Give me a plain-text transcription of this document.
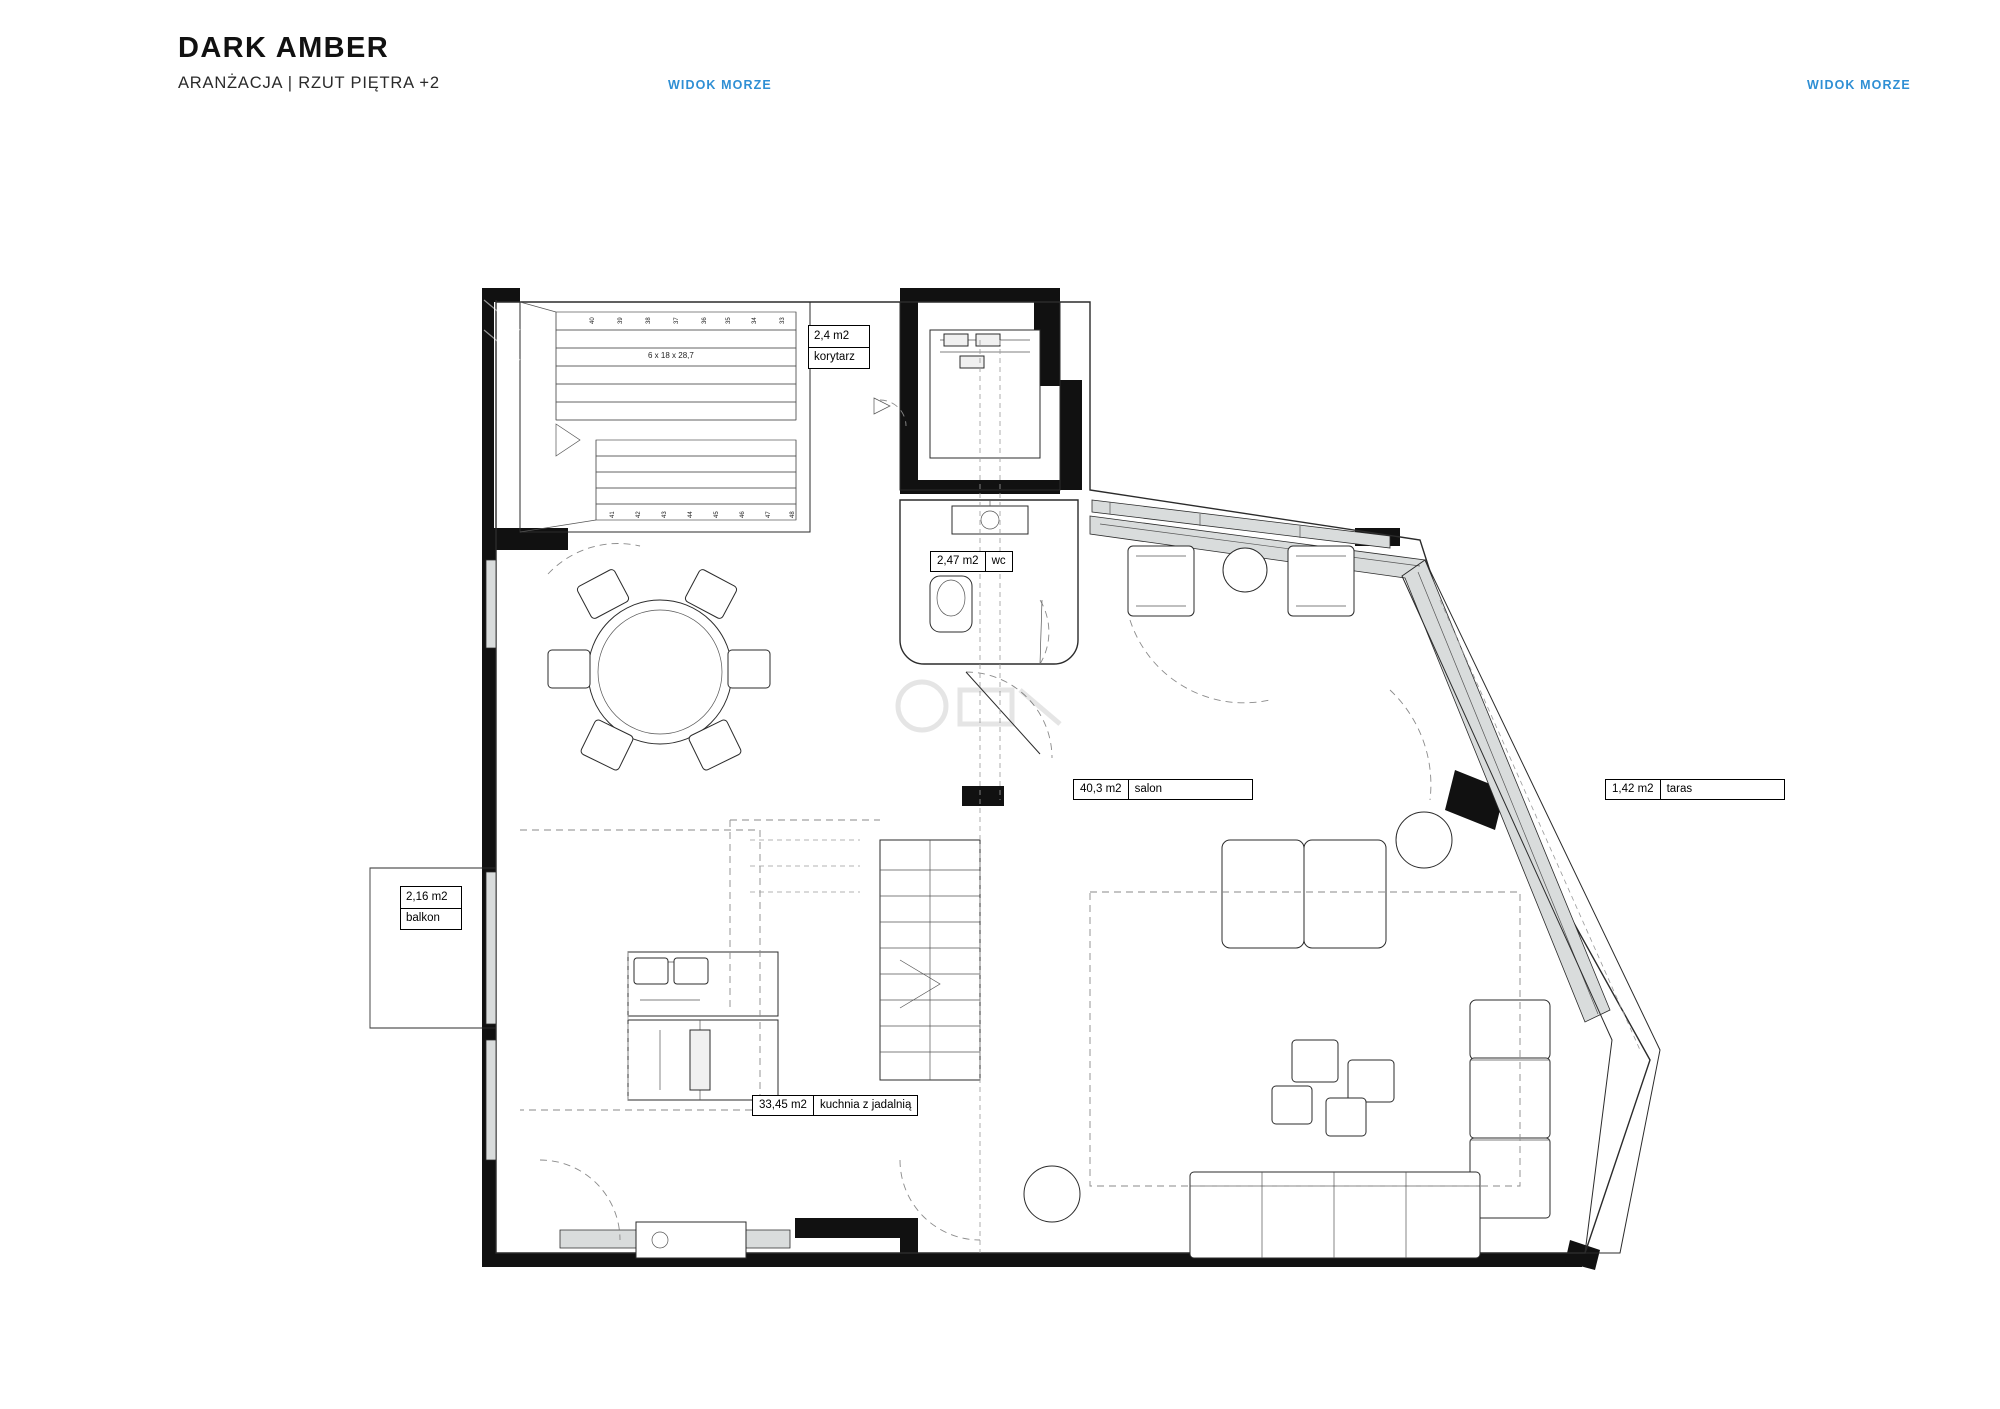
DARK AMBER
ARANŻACJA | RZUT PIĘTRA +2	WIDOK MORZE	WIDOK MORZE
6 x 18 x 28,7
40	39	38	37	36	35	34	33
41	42	43	44	45	46	47	48
2,4 m2
korytarz
2,47 m2	wc
40,3 m2	salon	1,42 m2	taras
2,16 m2
balkon
33,45 m2	kuchnia z jadalnią
